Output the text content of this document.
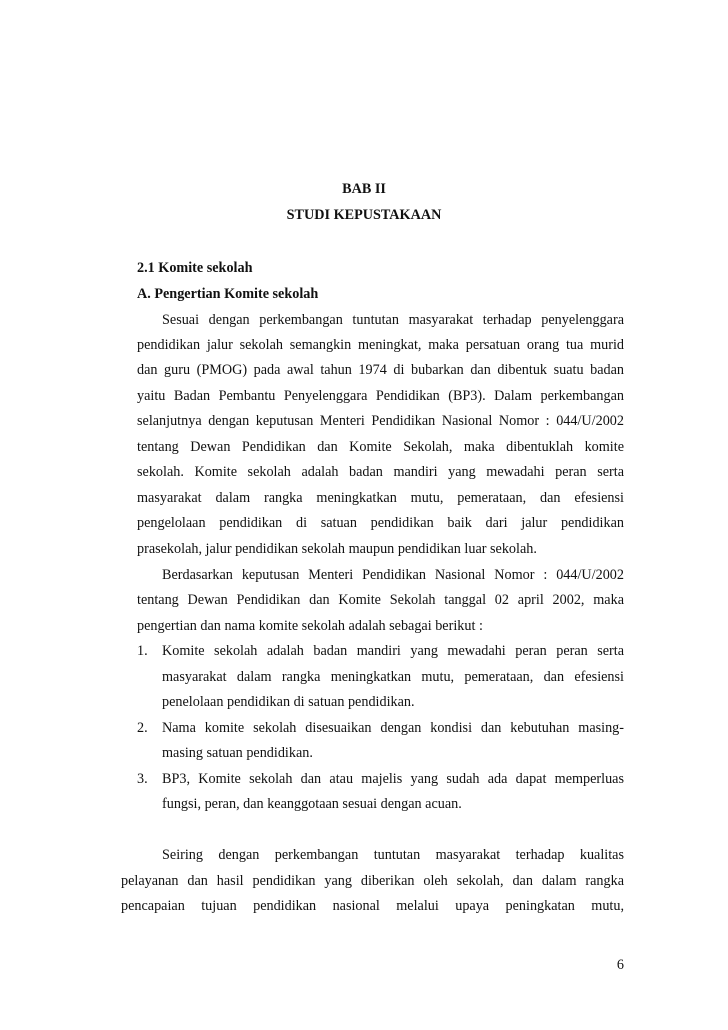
BAB II
STUDI KEPUSTAKAAN
2.1 Komite sekolah
A. Pengertian Komite sekolah
Sesuai dengan perkembangan tuntutan masyarakat terhadap penyelenggara
pendidikan jalur sekolah semangkin meningkat, maka persatuan orang tua murid
dan guru (PMOG) pada awal tahun 1974 di bubarkan dan dibentuk suatu badan
yaitu Badan Pembantu Penyelenggara Pendidikan (BP3). Dalam perkembangan
selanjutnya dengan keputusan Menteri Pendidikan Nasional Nomor : 044/U/2002
tentang Dewan Pendidikan dan Komite Sekolah, maka dibentuklah komite
sekolah. Komite sekolah adalah badan mandiri yang mewadahi peran serta
masyarakat dalam rangka meningkatkan mutu, pemerataan, dan efesiensi
pengelolaan pendidikan di satuan pendidikan baik dari jalur pendidikan
prasekolah, jalur pendidikan sekolah maupun pendidikan luar sekolah.
Berdasarkan keputusan Menteri Pendidikan Nasional Nomor : 044/U/2002
tentang Dewan Pendidikan dan Komite Sekolah tanggal 02 april 2002, maka
pengertian dan nama komite sekolah adalah sebagai berikut :
1. Komite sekolah adalah badan mandiri yang mewadahi peran peran serta
masyarakat dalam rangka meningkatkan mutu, pemerataan, dan efesiensi
penelolaan pendidikan di satuan pendidikan.
2. Nama komite sekolah disesuaikan dengan kondisi dan kebutuhan masing-
masing satuan pendidikan.
3. BP3, Komite sekolah dan atau majelis yang sudah ada dapat memperluas
fungsi, peran, dan keanggotaan sesuai dengan acuan.
Seiring dengan perkembangan tuntutan masyarakat terhadap kualitas
pelayanan dan hasil pendidikan yang diberikan oleh sekolah, dan dalam rangka
pencapaian tujuan pendidikan nasional melalui upaya peningkatan mutu,
6
